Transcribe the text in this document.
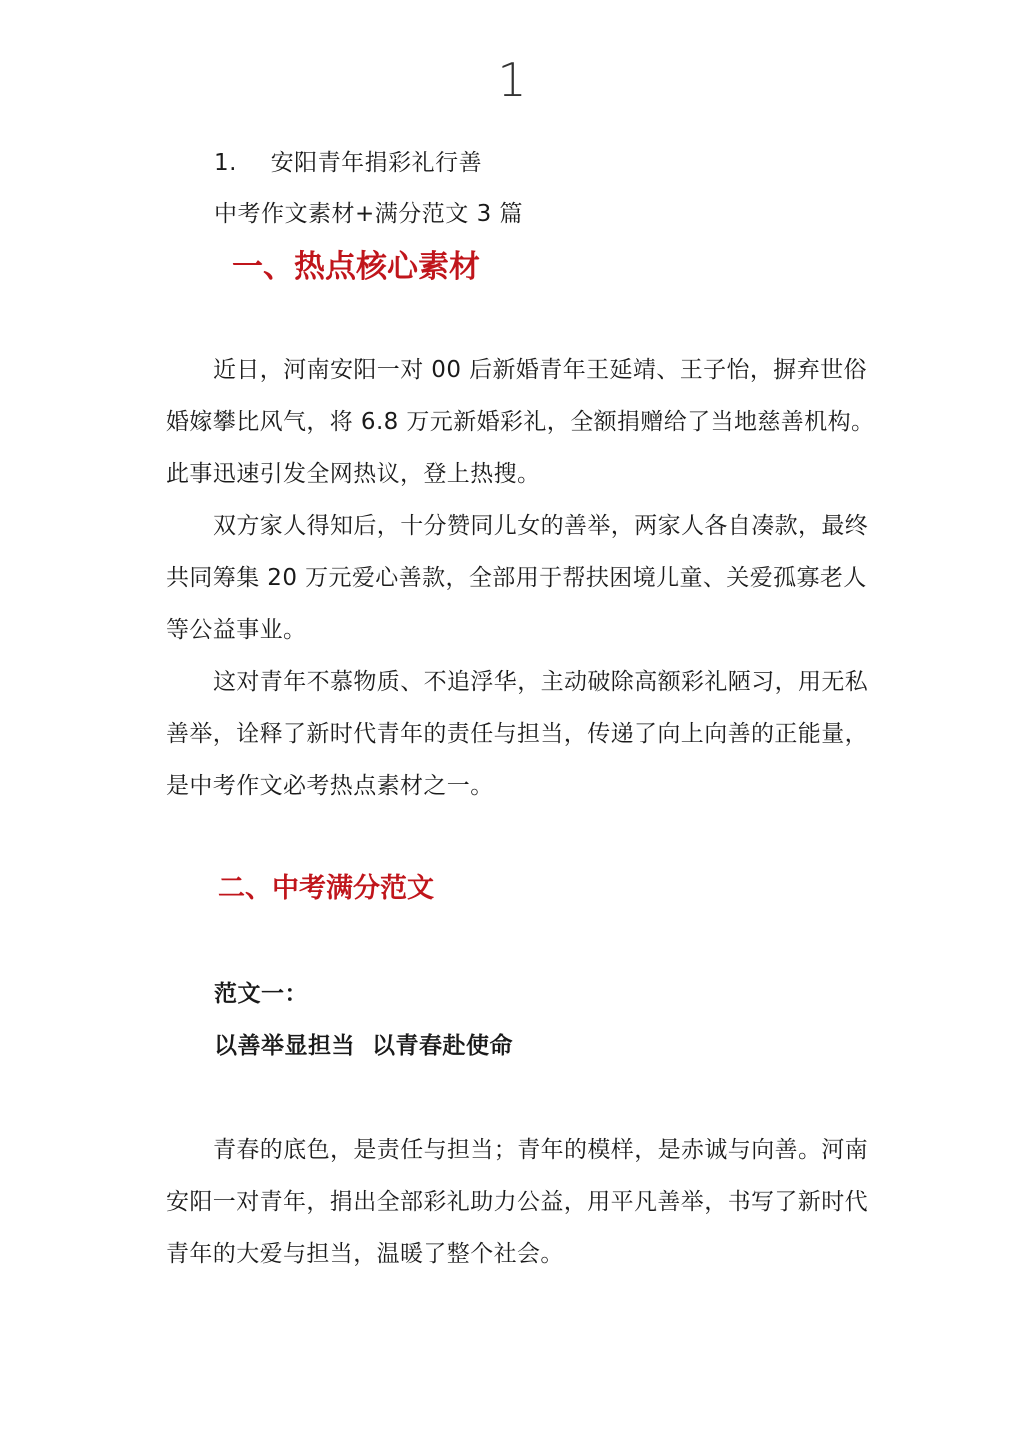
1
1. 安阳青年捐彩礼行善
中考作文素材+满分范文 3 篇
一、热点核心素材
近日，河南安阳一对 00 后新婚青年王延靖、王子怡，摒弃世俗
婚嫁攀比风气，将 6.8 万元新婚彩礼，全额捐赠给了当地慈善机构。
此事迅速引发全网热议，登上热搜。
双方家人得知后，十分赞同儿女的善举，两家人各自凑款，最终
共同筹集 20 万元爱心善款，全部用于帮扶困境儿童、关爱孤寡老人
等公益事业。
这对青年不慕物质、不追浮华，主动破除高额彩礼陋习，用无私
善举，诠释了新时代青年的责任与担当，传递了向上向善的正能量，
是中考作文必考热点素材之一。
二、中考满分范文
范文一：
以善举显担当  以青春赴使命
青春的底色，是责任与担当；青年的模样，是赤诚与向善。河南
安阳一对青年，捐出全部彩礼助力公益，用平凡善举，书写了新时代
青年的大爱与担当，温暖了整个社会。
